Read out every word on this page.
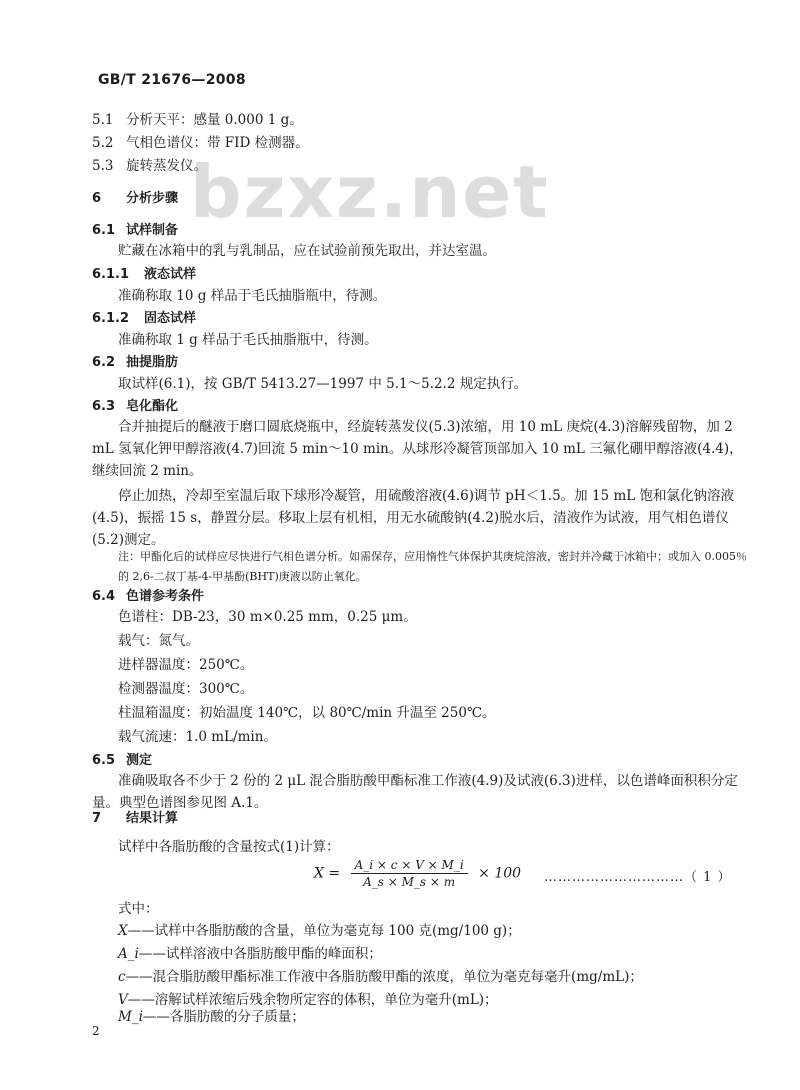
GB/T 21676—2008
bzxz.net
5.1 分析天平：感量 0.000 1 g。
5.2 气相色谱仪：带 FID 检测器。
5.3 旋转蒸发仪。
6 分析步骤
6.1 试样制备
贮藏在冰箱中的乳与乳制品，应在试验前预先取出，并达室温。
6.1.1 液态试样
准确称取 10 g 样品于毛氏抽脂瓶中，待测。
6.1.2 固态试样
准确称取 1 g 样品于毛氏抽脂瓶中，待测。
6.2 抽提脂肪
取试样(6.1)，按 GB/T 5413.27—1997 中 5.1～5.2.2 规定执行。
6.3 皂化酯化
合并抽提后的醚液于磨口圆底烧瓶中，经旋转蒸发仪(5.3)浓缩，用 10 mL 庚烷(4.3)溶解残留物，加 2 mL 氢氧化钾甲醇溶液(4.7)回流 5 min～10 min。从球形冷凝管顶部加入 10 mL 三氟化硼甲醇溶液(4.4)，继续回流 2 min。
停止加热，冷却至室温后取下球形冷凝管，用硫酸溶液(4.6)调节 pH＜1.5。加 15 mL 饱和氯化钠溶液(4.5)，振摇 15 s，静置分层。移取上层有机相，用无水硫酸钠(4.2)脱水后，清液作为试液，用气相色谱仪(5.2)测定。
注：甲酯化后的试样应尽快进行气相色谱分析。如需保存，应用惰性气体保护其庚烷溶液，密封并冷藏于冰箱中；或加入 0.005％的 2,6-二叔丁基-4-甲基酚(BHT)庚液以防止氧化。
6.4 色谱参考条件
色谱柱：DB-23，30 m×0.25 mm，0.25 μm。
载气：氮气。
进样器温度：250℃。
检测器温度：300℃。
柱温箱温度：初始温度 140℃，以 80℃/min 升温至 250℃。
载气流速：1.0 mL/min。
6.5 测定
准确吸取各不少于 2 份的 2 μL 混合脂肪酸甲酯标准工作液(4.9)及试液(6.3)进样，以色谱峰面积积分定量。典型色谱图参见图 A.1。
7 结果计算
试样中各脂肪酸的含量按式(1)计算：
$X = \frac{A\_i \times c \times V \times M\_i}{A\_s \times M\_s \times m} \times 100$ …………………………（ 1 ）
式中：
X——试样中各脂肪酸的含量，单位为毫克每 100 克(mg/100 g)；
A_i——试样溶液中各脂肪酸甲酯的峰面积；
c——混合脂肪酸甲酯标准工作液中各脂肪酸甲酯的浓度，单位为毫克每毫升(mg/mL)；
V——溶解试样浓缩后残余物所定容的体积，单位为毫升(mL)；
M_i——各脂肪酸的分子质量；
2
